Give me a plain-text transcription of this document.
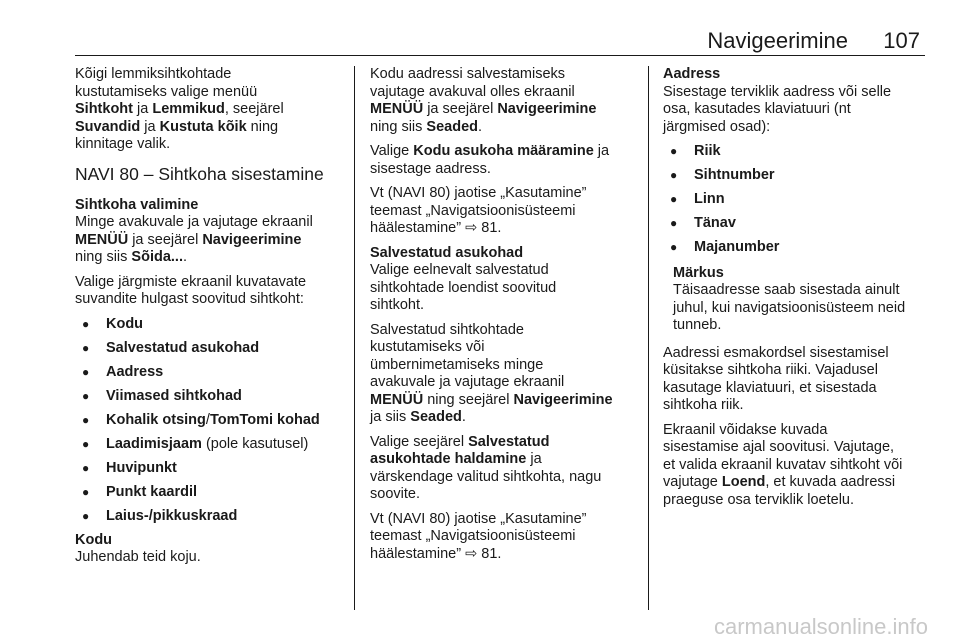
Navigeerimine 107

Kõigi lemmiksihtkohtade
kustutamiseks valige menüü
Sihtkoht ja Lemmikud, seejärel
Suvandid ja Kustuta kõik ning
kinnitage valik.

NAVI 80 – Sihtkoha sisestamine
Sihtkoha valimine

Minge avakuvale ja vajutage ekraanil
MENÜÜ ja seejärel Navigeerimine
ning siis Sõida....

Valige järgmiste ekraanil kuvatavate
suvandite hulgast soovitud sihtkoht:

● Kodu
● Salvestatud asukohad
● Aadress
● Viimased sihtkohad
● Kohalik otsing/TomTomi kohad
● Laadimisjaam (pole kasutusel)
● Huvipunkt
● Punkt kaardil
● Laius-/pikkuskraad
Kodu

Juhendab teid koju.

Kodu aadressi salvestamiseks
vajutage avakuval olles ekraanil
MENÜÜ ja seejärel Navigeerimine
ning siis Seaded.

Valige Kodu asukoha määramine ja
sisestage aadress.

Vt (NAVI 80) jaotise „Kasutamine”
teemast „Navigatsioonisüsteemi
häälestamine” ⇨ 81.

Salvestatud asukohad

Valige eelnevalt salvestatud
sihtkohtade loendist soovitud
sihtkoht.

Salvestatud sihtkohtade
kustutamiseks või
ümbernimetamiseks minge
avakuvale ja vajutage ekraanil
MENÜÜ ning seejärel Navigeerimine
ja siis Seaded.

Valige seejärel Salvestatud
asukohtade haldamine ja
värskendage valitud sihtkohta, nagu
soovite.

Vt (NAVI 80) jaotise „Kasutamine”
teemast „Navigatsioonisüsteemi
häälestamine” ⇨ 81.

Aadress

Sisestage terviklik aadress või selle
osa, kasutades klaviatuuri (nt
järgmised osad):

● Riik
● Sihtnumber
● Linn
● Tänav
● Majanumber
Märkus
Täisaadresse saab sisestada ainult
juhul, kui navigatsioonisüsteem neid
tunneb.

Aadressi esmakordsel sisestamisel
küsitakse sihtkoha riiki. Vajadusel
kasutage klaviatuuri, et sisestada
sihtkoha riik.

Ekraanil võidakse kuvada
sisestamise ajal soovitusi. Vajutage,
et valida ekraanil kuvatav sihtkoht või
vajutage Loend, et kuvada aadressi
praeguse osa terviklik loetelu.

carmanualsonline.info
